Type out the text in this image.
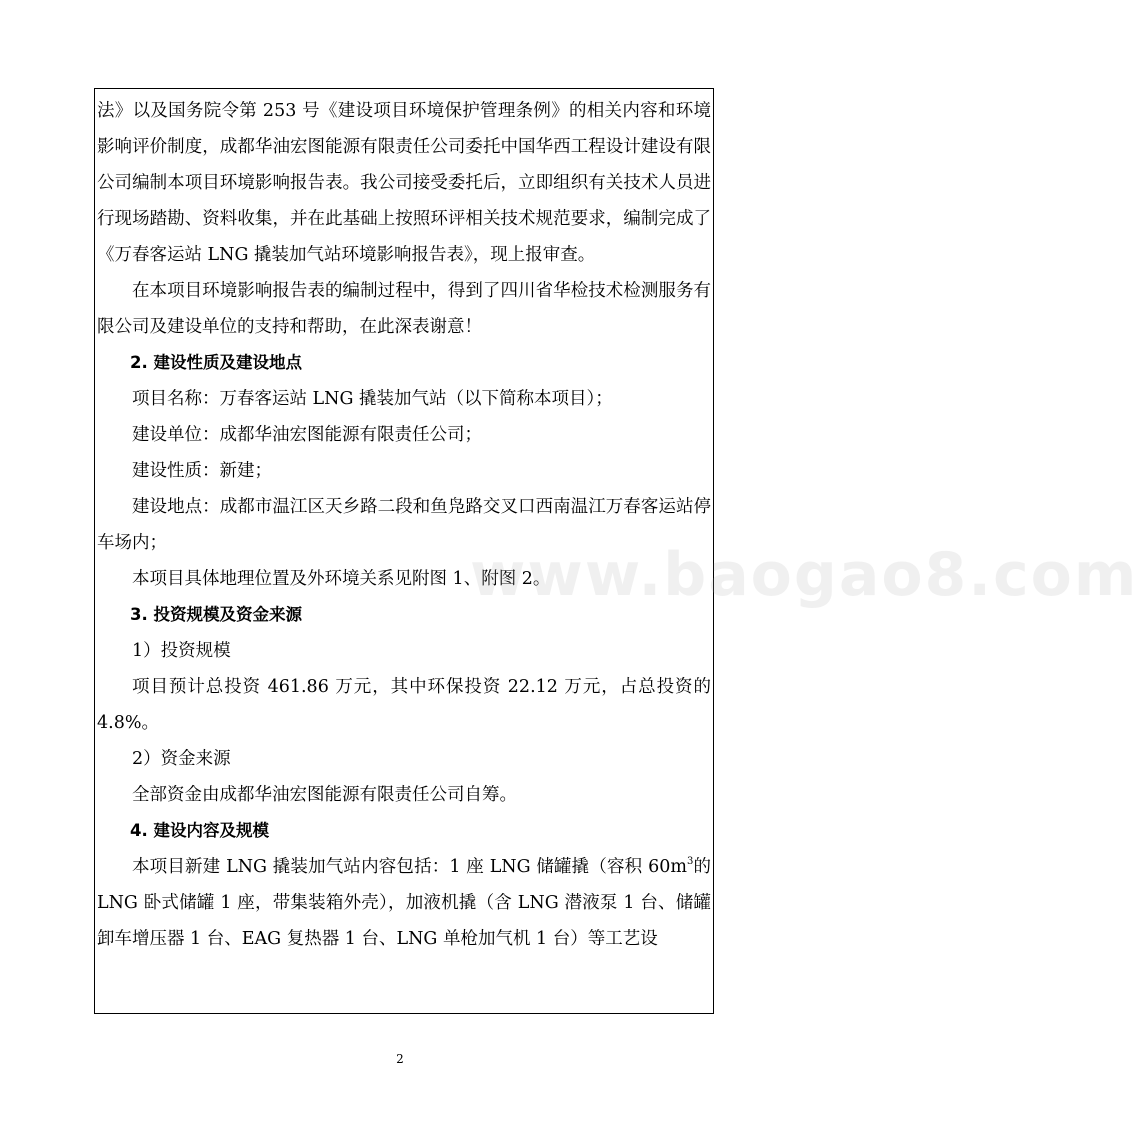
法》以及国务院令第 253 号《建设项目环境保护管理条例》的相关内容和环境影响评价制度，成都华油宏图能源有限责任公司委托中国华西工程设计建设有限公司编制本项目环境影响报告表。我公司接受委托后，立即组织有关技术人员进行现场踏勘、资料收集，并在此基础上按照环评相关技术规范要求，编制完成了《万春客运站 LNG 撬装加气站环境影响报告表》，现上报审查。

在本项目环境影响报告表的编制过程中，得到了四川省华检技术检测服务有限公司及建设单位的支持和帮助，在此深表谢意！

2. 建设性质及建设地点

项目名称：万春客运站 LNG 撬装加气站（以下简称本项目）；

建设单位：成都华油宏图能源有限责任公司；

建设性质：新建；

建设地点：成都市温江区天乡路二段和鱼凫路交叉口西南温江万春客运站停车场内；

本项目具体地理位置及外环境关系见附图 1、附图 2。

3. 投资规模及资金来源

1）投资规模

项目预计总投资 461.86 万元，其中环保投资 22.12 万元，占总投资的 4.8%。

2）资金来源

全部资金由成都华油宏图能源有限责任公司自筹。

4. 建设内容及规模

本项目新建 LNG 撬装加气站内容包括：1 座 LNG 储罐撬（容积 $60m^3$的 LNG 卧式储罐 1 座，带集装箱外壳），加液机撬（含 LNG 潜液泵 1 台、储罐卸车增压器 1 台、EAG 复热器 1 台、LNG 单枪加气机 1 台）等工艺设

www.baogao8.com
2
